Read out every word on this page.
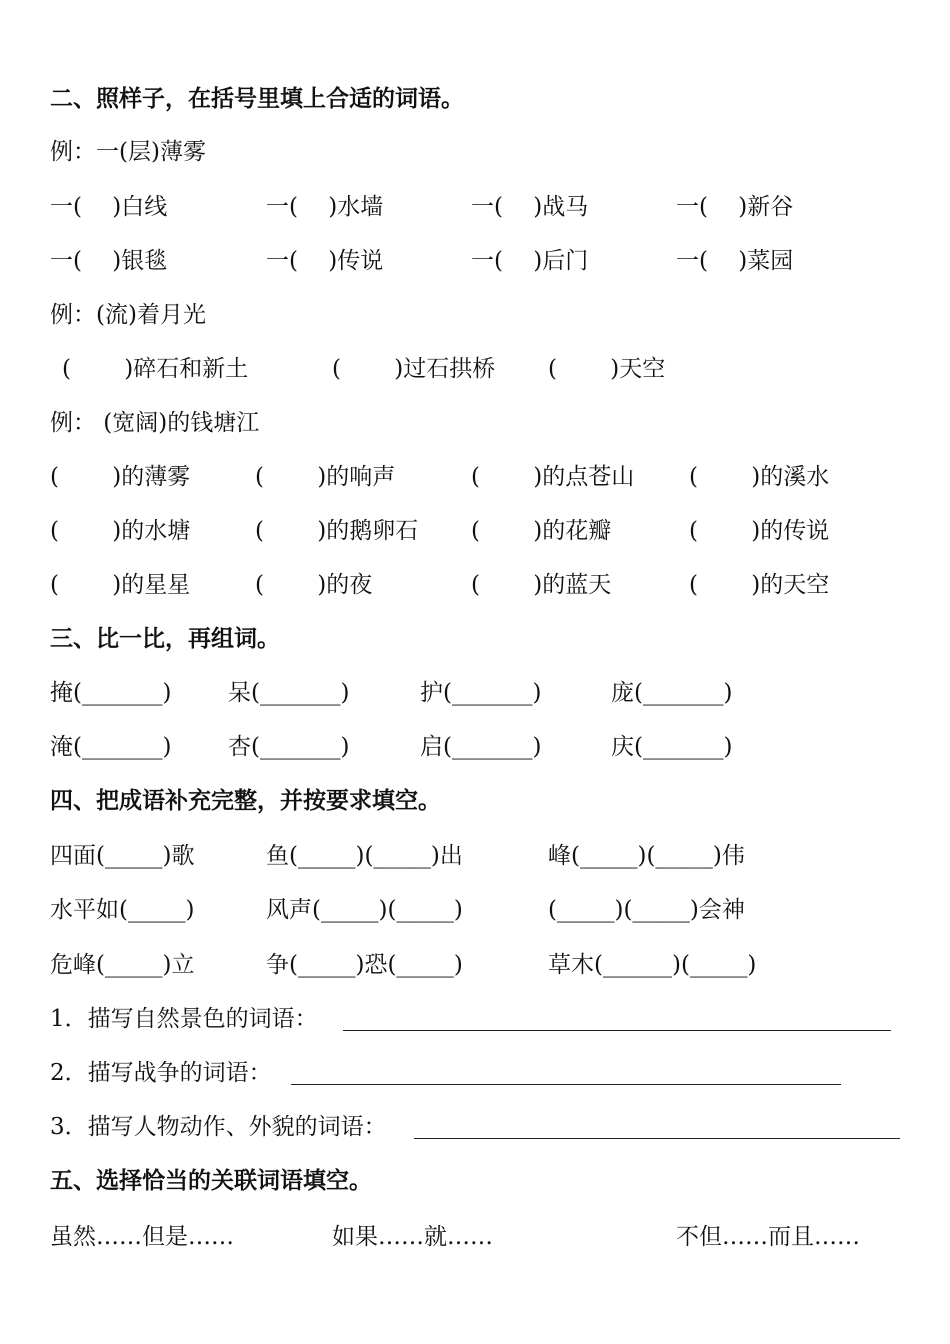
二、照样子，在括号里填上合适的词语。
例：一(层)薄雾
一(　 )白线	一(　 )水墙	一(　 )战马	一(　 )新谷
一(　 )银毯	一(　 )传说	一(　 )后门	一(　 )菜园
例：(流)着月光
(　　 )碎石和新土	(　　 )过石拱桥 (　　 )天空
例： (宽阔)的钱塘江
(　　 )的薄雾	(　　 )的响声	(　　 )的点苍山 (　　 )的溪水
(　　 )的水塘	(　　 )的鹅卵石 (　　 )的花瓣	(　　 )的传说
(　　 )的星星	(　　 )的夜	(　　 )的蓝天	(　　 )的天空
三、比一比，再组词。
掩(_______) 呆(_______)	护(_______)	庞(_______)
淹(_______) 杏(_______)	启(_______)	庆(_______)
四、把成语补充完整，并按要求填空。
四面(_____)歌	鱼(_____)(_____)出	峰(_____)(_____)伟
水平如(_____)	风声(_____)(_____)	(_____)(_____)会神
危峰(_____)立	争(_____)恐(_____)	草木(______)(_____)
1．描写自然景色的词语：
2．描写战争的词语：
3．描写人物动作、外貌的词语：
五、选择恰当的关联词语填空。
虽然……但是……	如果……就……	不但……而且……
